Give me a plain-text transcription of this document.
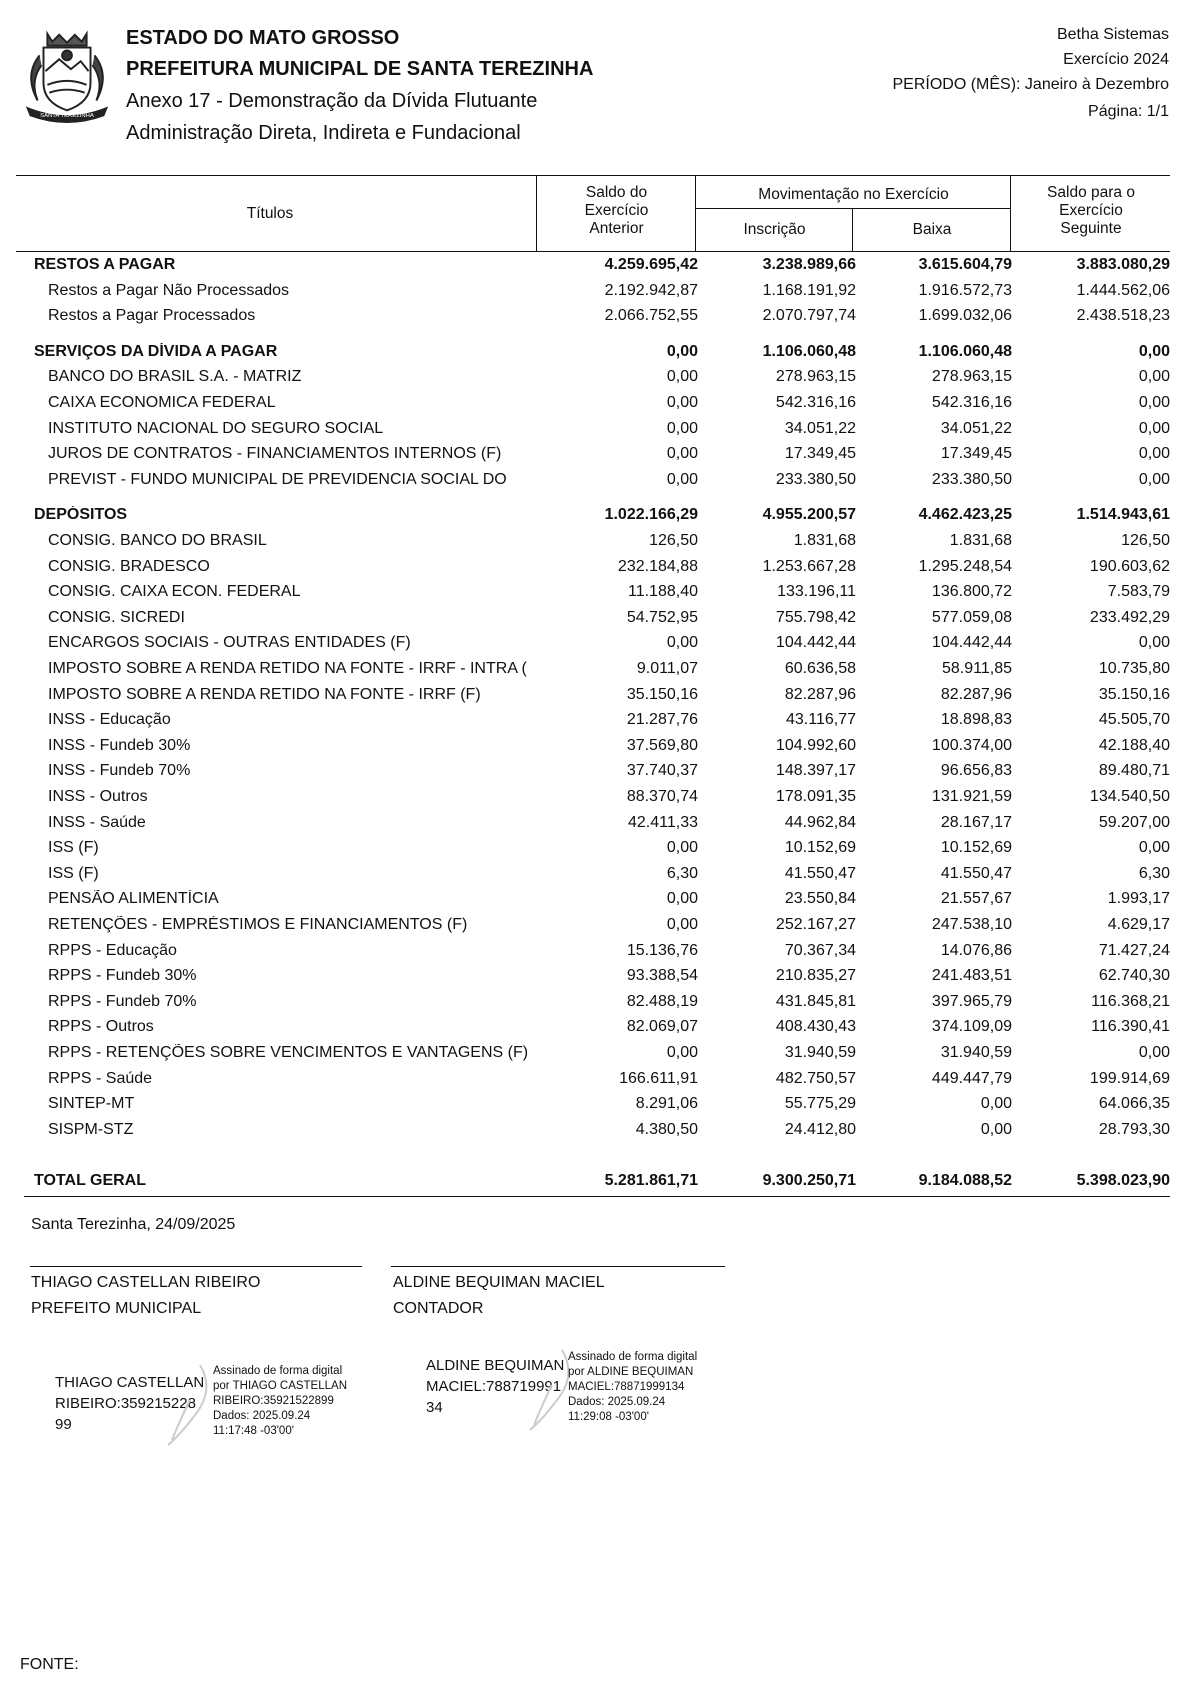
SANTA TEREZINHA
ESTADO DO MATO GROSSO
PREFEITURA MUNICIPAL DE SANTA TEREZINHA
Anexo 17 - Demonstração da Dívida Flutuante
Administração Direta, Indireta e Fundacional
Betha Sistemas
Exercício 2024
PERÍODO (MÊS): Janeiro à Dezembro
Página: 1/1
Títulos
Saldo do
Exercício
Anterior
Movimentação no Exercício
Inscrição	Baixa
Saldo para o
Exercício
Seguinte
RESTOS A PAGAR	4.259.695,42	3.238.989,66	3.615.604,79	3.883.080,29
Restos a Pagar Não Processados	2.192.942,87	1.168.191,92	1.916.572,73	1.444.562,06
Restos a Pagar Processados	2.066.752,55	2.070.797,74	1.699.032,06	2.438.518,23
SERVIÇOS DA DÍVIDA A PAGAR	0,00	1.106.060,48	1.106.060,48	0,00
BANCO DO BRASIL S.A. - MATRIZ	0,00	278.963,15	278.963,15	0,00
CAIXA ECONOMICA FEDERAL	0,00	542.316,16	542.316,16	0,00
INSTITUTO NACIONAL DO SEGURO SOCIAL	0,00	34.051,22	34.051,22	0,00
JUROS DE CONTRATOS - FINANCIAMENTOS INTERNOS (F)	0,00	17.349,45	17.349,45	0,00
PREVIST - FUNDO MUNICIPAL DE PREVIDENCIA SOCIAL DO	0,00	233.380,50	233.380,50	0,00
DEPÓSITOS	1.022.166,29	4.955.200,57	4.462.423,25	1.514.943,61
CONSIG. BANCO DO BRASIL	126,50	1.831,68	1.831,68	126,50
CONSIG. BRADESCO	232.184,88	1.253.667,28	1.295.248,54	190.603,62
CONSIG. CAIXA ECON. FEDERAL	11.188,40	133.196,11	136.800,72	7.583,79
CONSIG. SICREDI	54.752,95	755.798,42	577.059,08	233.492,29
ENCARGOS SOCIAIS - OUTRAS ENTIDADES (F)	0,00	104.442,44	104.442,44	0,00
IMPOSTO SOBRE A RENDA RETIDO NA FONTE - IRRF - INTRA (	9.011,07	60.636,58	58.911,85	10.735,80
IMPOSTO SOBRE A RENDA RETIDO NA FONTE - IRRF (F)	35.150,16	82.287,96	82.287,96	35.150,16
INSS - Educação	21.287,76	43.116,77	18.898,83	45.505,70
INSS - Fundeb 30%	37.569,80	104.992,60	100.374,00	42.188,40
INSS - Fundeb 70%	37.740,37	148.397,17	96.656,83	89.480,71
INSS - Outros	88.370,74	178.091,35	131.921,59	134.540,50
INSS - Saúde	42.411,33	44.962,84	28.167,17	59.207,00
ISS (F)	0,00	10.152,69	10.152,69	0,00
ISS (F)	6,30	41.550,47	41.550,47	6,30
PENSÃO ALIMENTÍCIA	0,00	23.550,84	21.557,67	1.993,17
RETENÇÕES - EMPRÉSTIMOS E FINANCIAMENTOS (F)	0,00	252.167,27	247.538,10	4.629,17
RPPS - Educação	15.136,76	70.367,34	14.076,86	71.427,24
RPPS - Fundeb 30%	93.388,54	210.835,27	241.483,51	62.740,30
RPPS - Fundeb 70%	82.488,19	431.845,81	397.965,79	116.368,21
RPPS - Outros	82.069,07	408.430,43	374.109,09	116.390,41
RPPS - RETENÇÕES SOBRE VENCIMENTOS E VANTAGENS (F)	0,00	31.940,59	31.940,59	0,00
RPPS - Saúde	166.611,91	482.750,57	449.447,79	199.914,69
SINTEP-MT	8.291,06	55.775,29	0,00	64.066,35
SISPM-STZ	4.380,50	24.412,80	0,00	28.793,30
TOTAL GERAL	5.281.861,71	9.300.250,71	9.184.088,52	5.398.023,90
Santa Terezinha, 24/09/2025
THIAGO CASTELLAN RIBEIRO
PREFEITO MUNICIPAL
ALDINE BEQUIMAN MACIEL
CONTADOR
THIAGO CASTELLAN
RIBEIRO:359215228
99
Assinado de forma digital
por THIAGO CASTELLAN
RIBEIRO:35921522899
Dados: 2025.09.24
11:17:48 -03'00'
ALDINE BEQUIMAN
MACIEL:788719991
34
Assinado de forma digital
por ALDINE BEQUIMAN
MACIEL:78871999134
Dados: 2025.09.24
11:29:08 -03'00'
FONTE:
